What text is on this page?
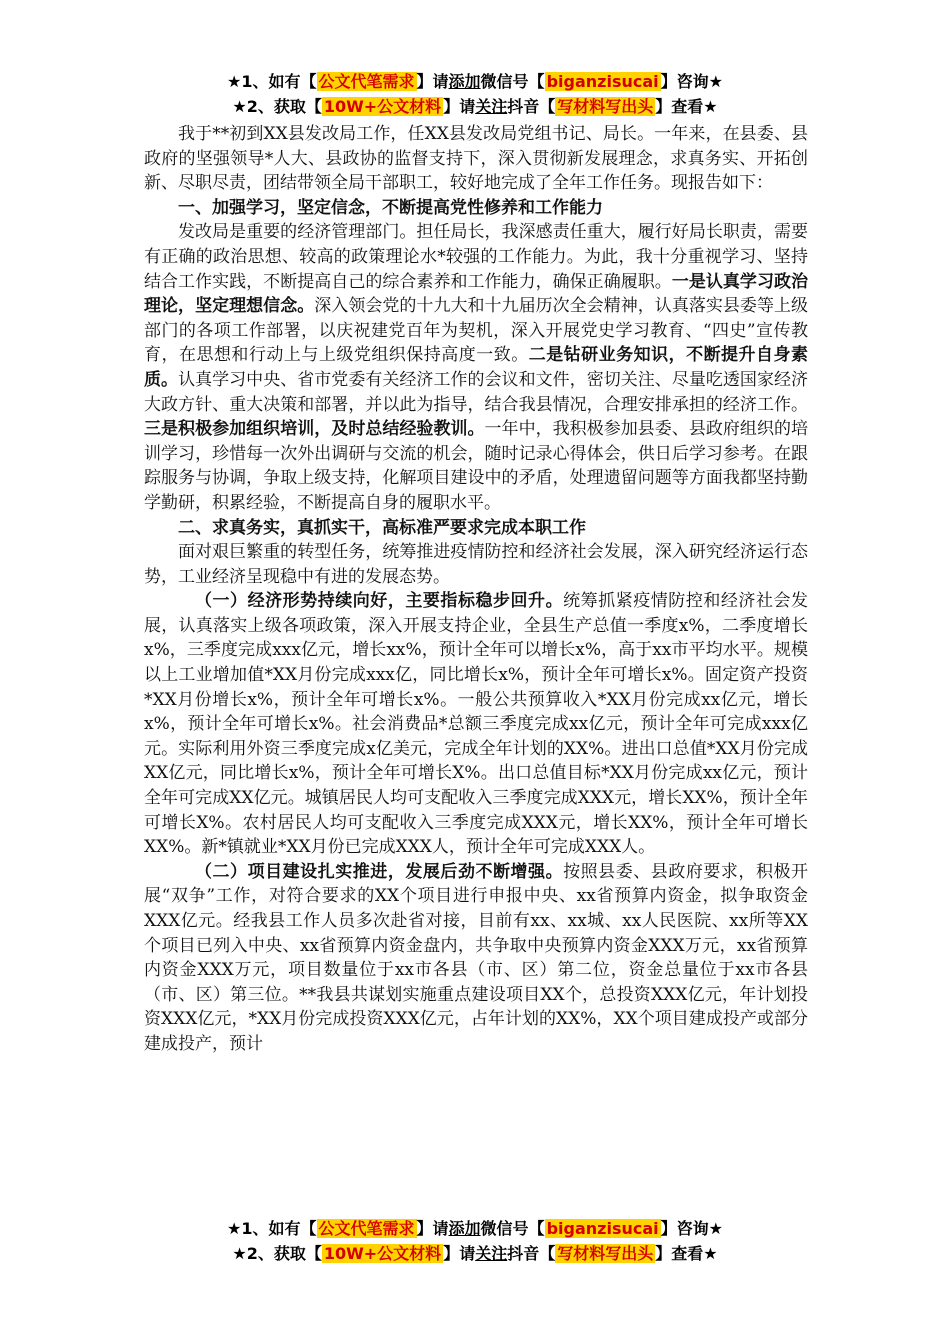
★1、如有【 公文代笔需求 】请添加微信号【 biganzisucai 】咨询★
★2、获取【 10W+公文材料 】请关注抖音【 写材料写出头 】查看★

我于**初到XX县发改局工作，任XX县发改局党组书记、局长。一年来，在县委、县政府的坚强领导*人大、县政协的监督支持下，深入贯彻新发展理念，求真务实、开拓创新、尽职尽责，团结带领全局干部职工，较好地完成了全年工作任务。现报告如下：

一、加强学习，坚定信念，不断提高党性修养和工作能力

发改局是重要的经济管理部门。担任局长，我深感责任重大，履行好局长职责，需要有正确的政治思想、较高的政策理论水*较强的工作能力。为此，我十分重视学习、坚持结合工作实践，不断提高自己的综合素养和工作能力，确保正确履职。一是认真学习政治理论，坚定理想信念。深入领会党的十九大和十九届历次全会精神，认真落实县委等上级部门的各项工作部署，以庆祝建党百年为契机，深入开展党史学习教育、“四史”宣传教育，在思想和行动上与上级党组织保持高度一致。二是钻研业务知识，不断提升自身素质。认真学习中央、省市党委有关经济工作的会议和文件，密切关注、尽量吃透国家经济大政方针、重大决策和部署，并以此为指导，结合我县情况，合理安排承担的经济工作。三是积极参加组织培训，及时总结经验教训。一年中，我积极参加县委、县政府组织的培训学习，珍惜每一次外出调研与交流的机会，随时记录心得体会，供日后学习参考。在跟踪服务与协调，争取上级支持，化解项目建设中的矛盾，处理遗留问题等方面我都坚持勤学勤研，积累经验，不断提高自身的履职水平。

二、求真务实，真抓实干，高标准严要求完成本职工作

面对艰巨繁重的转型任务，统筹推进疫情防控和经济社会发展，深入研究经济运行态势，工业经济呈现稳中有进的发展态势。

（一）经济形势持续向好，主要指标稳步回升。统筹抓紧疫情防控和经济社会发展，认真落实上级各项政策，深入开展支持企业，全县生产总值一季度x%，二季度增长x%，三季度完成xxx亿元，增长xx%，预计全年可以增长x%，高于xx市平均水平。规模以上工业增加值*XX月份完成xxx亿，同比增长x%，预计全年可增长x%。固定资产投资*XX月份增长x%，预计全年可增长x%。一般公共预算收入*XX月份完成xx亿元，增长x%，预计全年可增长x%。社会消费品*总额三季度完成xx亿元，预计全年可完成xxx亿元。实际利用外资三季度完成x亿美元，完成全年计划的XX%。进出口总值*XX月份完成XX亿元，同比增长x%，预计全年可增长X%。出口总值目标*XX月份完成xx亿元，预计全年可完成XX亿元。城镇居民人均可支配收入三季度完成XXX元，增长XX%，预计全年可增长X%。农村居民人均可支配收入三季度完成XXX元，增长XX%，预计全年可增长XX%。新*镇就业*XX月份已完成XXX人，预计全年可完成XXX人。

（二）项目建设扎实推进，发展后劲不断增强。按照县委、县政府要求，积极开展“双争”工作，对符合要求的XX个项目进行申报中央、xx省预算内资金，拟争取资金XXX亿元。经我县工作人员多次赴省对接，目前有xx、xx城、xx人民医院、xx所等XX个项目已列入中央、xx省预算内资金盘内，共争取中央预算内资金XXX万元，xx省预算内资金XXX万元，项目数量位于xx市各县（市、区）第二位，资金总量位于xx市各县（市、区）第三位。**我县共谋划实施重点建设项目XX个，总投资XXX亿元，年计划投资XXX亿元，*XX月份完成投资XXX亿元，占年计划的XX%，XX个项目建成投产或部分建成投产，预计

★1、如有【 公文代笔需求 】请添加微信号【 biganzisucai 】咨询★
★2、获取【 10W+公文材料 】请关注抖音【 写材料写出头 】查看★
